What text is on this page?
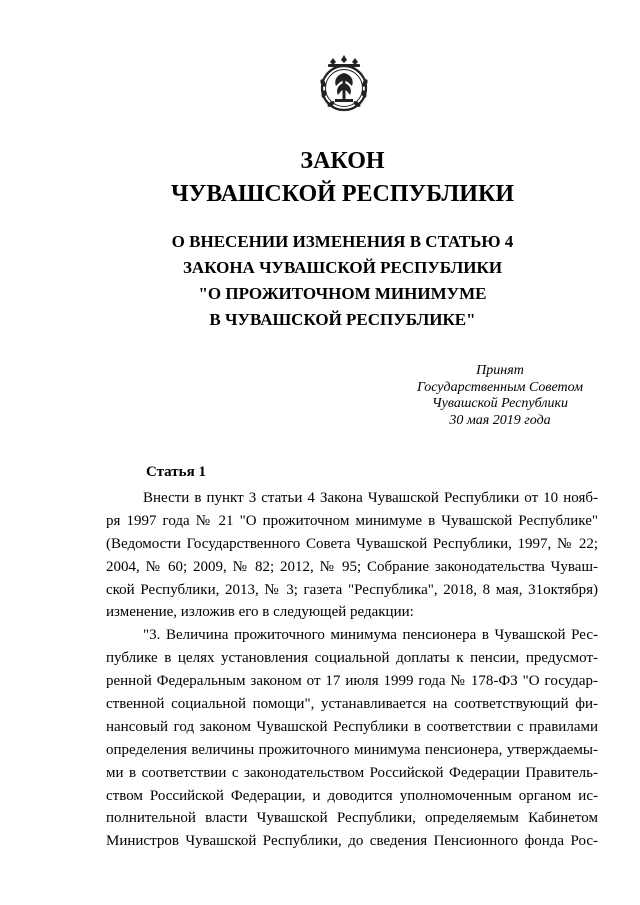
ЗАКОН
ЧУВАШСКОЙ РЕСПУБЛИКИ
О ВНЕСЕНИИ ИЗМЕНЕНИЯ В СТАТЬЮ 4
ЗАКОНА ЧУВАШСКОЙ РЕСПУБЛИКИ
"О ПРОЖИТОЧНОМ МИНИМУМЕ
В ЧУВАШСКОЙ РЕСПУБЛИКЕ"
Принят
Государственным Советом
Чувашской Республики
30 мая 2019 года
Статья 1
Внести в пункт 3 статьи 4 Закона Чувашской Республики от 10 нояб-
ря 1997 года № 21 "О прожиточном минимуме в Чувашской Республике"
(Ведомости Государственного Совета Чувашской Республики, 1997, № 22;
2004, № 60; 2009, № 82; 2012, № 95; Собрание законодательства Чуваш-
ской Республики, 2013, № 3; газета "Республика", 2018, 8 мая, 31октября)
изменение, изложив его в следующей редакции:
"3. Величина прожиточного минимума пенсионера в Чувашской Рес-
публике в целях установления социальной доплаты к пенсии, предусмот-
ренной Федеральным законом от 17 июля 1999 года № 178-ФЗ "О государ-
ственной социальной помощи", устанавливается на соответствующий фи-
нансовый год законом Чувашской Республики в соответствии с правилами
определения величины прожиточного минимума пенсионера, утверждаемы-
ми в соответствии с законодательством Российской Федерации Правитель-
ством Российской Федерации, и доводится уполномоченным органом ис-
полнительной власти Чувашской Республики, определяемым Кабинетом
Министров Чувашской Республики, до сведения Пенсионного фонда Рос-
